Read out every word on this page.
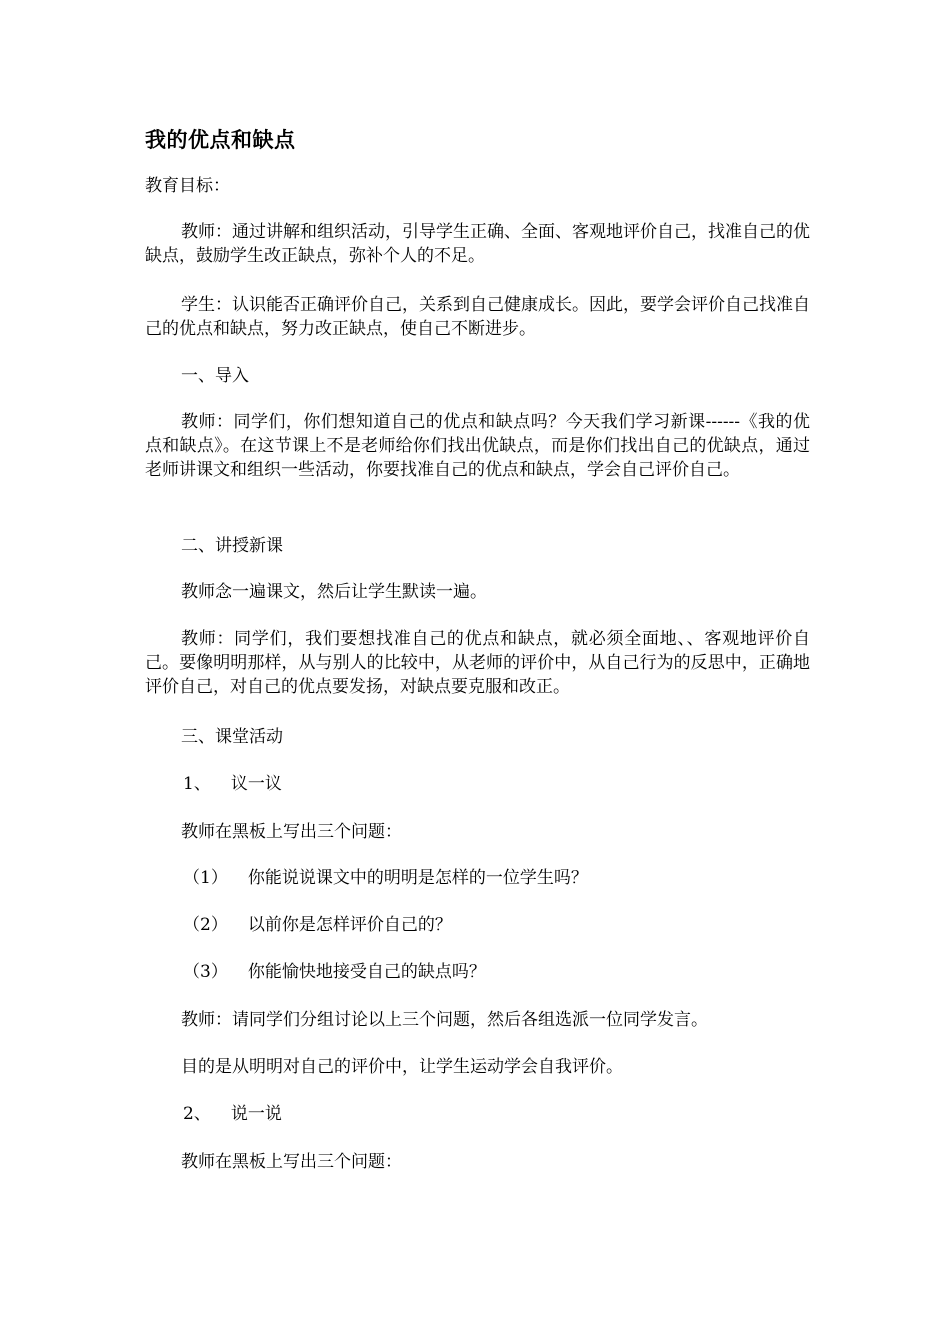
我的优点和缺点

教育目标：

教师：通过讲解和组织活动，引导学生正确、全面、客观地评价自己，找准自己的优缺点，鼓励学生改正缺点，弥补个人的不足。

学生：认识能否正确评价自己，关系到自己健康成长。因此，要学会评价自己找准自己的优点和缺点，努力改正缺点，使自己不断进步。

一、导入

教师：同学们，你们想知道自己的优点和缺点吗？今天我们学习新课------《我的优点和缺点》。在这节课上不是老师给你们找出优缺点，而是你们找出自己的优缺点，通过老师讲课文和组织一些活动，你要找准自己的优点和缺点，学会自己评价自己。

二、讲授新课

教师念一遍课文，然后让学生默读一遍。

教师：同学们，我们要想找准自己的优点和缺点，就必须全面地、、客观地评价自己。要像明明那样，从与别人的比较中，从老师的评价中，从自己行为的反思中，正确地评价自己，对自己的优点要发扬，对缺点要克服和改正。

三、课堂活动

1、 议一议

教师在黑板上写出三个问题：

（1） 你能说说课文中的明明是怎样的一位学生吗？

（2） 以前你是怎样评价自己的？

（3） 你能愉快地接受自己的缺点吗？

教师：请同学们分组讨论以上三个问题，然后各组选派一位同学发言。

目的是从明明对自己的评价中，让学生运动学会自我评价。

2、 说一说

教师在黑板上写出三个问题：
